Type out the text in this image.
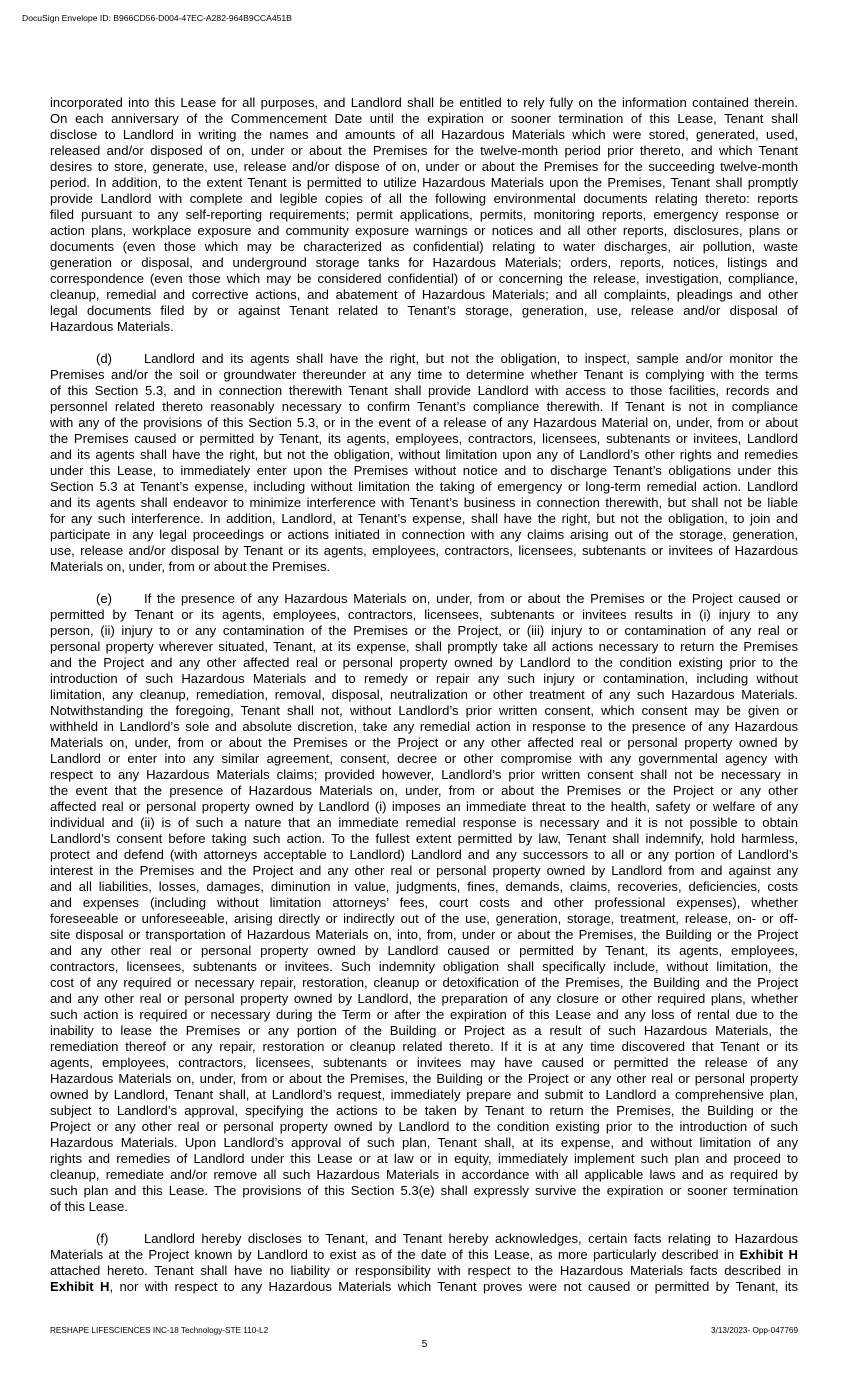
DocuSign Envelope ID: B966CD56-D004-47EC-A282-964B9CCA451B
incorporated into this Lease for all purposes, and Landlord shall be entitled to rely fully on the information contained therein.
On each anniversary of the Commencement Date until the expiration or sooner termination of this Lease, Tenant shall
disclose to Landlord in writing the names and amounts of all Hazardous Materials which were stored, generated, used,
released and/or disposed of on, under or about the Premises for the twelve-month period prior thereto, and which Tenant
desires to store, generate, use, release and/or dispose of on, under or about the Premises for the succeeding twelve-month
period. In addition, to the extent Tenant is permitted to utilize Hazardous Materials upon the Premises, Tenant shall promptly
provide Landlord with complete and legible copies of all the following environmental documents relating thereto: reports
filed pursuant to any self-reporting requirements; permit applications, permits, monitoring reports, emergency response or
action plans, workplace exposure and community exposure warnings or notices and all other reports, disclosures, plans or
documents (even those which may be characterized as confidential) relating to water discharges, air pollution, waste
generation or disposal, and underground storage tanks for Hazardous Materials; orders, reports, notices, listings and
correspondence (even those which may be considered confidential) of or concerning the release, investigation, compliance,
cleanup, remedial and corrective actions, and abatement of Hazardous Materials; and all complaints, pleadings and other
legal documents filed by or against Tenant related to Tenant’s storage, generation, use, release and/or disposal of
Hazardous Materials.
(d) Landlord and its agents shall have the right, but not the obligation, to inspect, sample and/or monitor the
Premises and/or the soil or groundwater thereunder at any time to determine whether Tenant is complying with the terms
of this Section 5.3, and in connection therewith Tenant shall provide Landlord with access to those facilities, records and
personnel related thereto reasonably necessary to confirm Tenant’s compliance therewith. If Tenant is not in compliance
with any of the provisions of this Section 5.3, or in the event of a release of any Hazardous Material on, under, from or about
the Premises caused or permitted by Tenant, its agents, employees, contractors, licensees, subtenants or invitees, Landlord
and its agents shall have the right, but not the obligation, without limitation upon any of Landlord’s other rights and remedies
under this Lease, to immediately enter upon the Premises without notice and to discharge Tenant’s obligations under this
Section 5.3 at Tenant’s expense, including without limitation the taking of emergency or long-term remedial action. Landlord
and its agents shall endeavor to minimize interference with Tenant’s business in connection therewith, but shall not be liable
for any such interference. In addition, Landlord, at Tenant’s expense, shall have the right, but not the obligation, to join and
participate in any legal proceedings or actions initiated in connection with any claims arising out of the storage, generation,
use, release and/or disposal by Tenant or its agents, employees, contractors, licensees, subtenants or invitees of Hazardous
Materials on, under, from or about the Premises.
(e) If the presence of any Hazardous Materials on, under, from or about the Premises or the Project caused or
permitted by Tenant or its agents, employees, contractors, licensees, subtenants or invitees results in (i) injury to any
person, (ii) injury to or any contamination of the Premises or the Project, or (iii) injury to or contamination of any real or
personal property wherever situated, Tenant, at its expense, shall promptly take all actions necessary to return the Premises
and the Project and any other affected real or personal property owned by Landlord to the condition existing prior to the
introduction of such Hazardous Materials and to remedy or repair any such injury or contamination, including without
limitation, any cleanup, remediation, removal, disposal, neutralization or other treatment of any such Hazardous Materials.
Notwithstanding the foregoing, Tenant shall not, without Landlord’s prior written consent, which consent may be given or
withheld in Landlord’s sole and absolute discretion, take any remedial action in response to the presence of any Hazardous
Materials on, under, from or about the Premises or the Project or any other affected real or personal property owned by
Landlord or enter into any similar agreement, consent, decree or other compromise with any governmental agency with
respect to any Hazardous Materials claims; provided however, Landlord’s prior written consent shall not be necessary in
the event that the presence of Hazardous Materials on, under, from or about the Premises or the Project or any other
affected real or personal property owned by Landlord (i) imposes an immediate threat to the health, safety or welfare of any
individual and (ii) is of such a nature that an immediate remedial response is necessary and it is not possible to obtain
Landlord’s consent before taking such action. To the fullest extent permitted by law, Tenant shall indemnify, hold harmless,
protect and defend (with attorneys acceptable to Landlord) Landlord and any successors to all or any portion of Landlord’s
interest in the Premises and the Project and any other real or personal property owned by Landlord from and against any
and all liabilities, losses, damages, diminution in value, judgments, fines, demands, claims, recoveries, deficiencies, costs
and expenses (including without limitation attorneys’ fees, court costs and other professional expenses), whether
foreseeable or unforeseeable, arising directly or indirectly out of the use, generation, storage, treatment, release, on- or off-
site disposal or transportation of Hazardous Materials on, into, from, under or about the Premises, the Building or the Project
and any other real or personal property owned by Landlord caused or permitted by Tenant, its agents, employees,
contractors, licensees, subtenants or invitees. Such indemnity obligation shall specifically include, without limitation, the
cost of any required or necessary repair, restoration, cleanup or detoxification of the Premises, the Building and the Project
and any other real or personal property owned by Landlord, the preparation of any closure or other required plans, whether
such action is required or necessary during the Term or after the expiration of this Lease and any loss of rental due to the
inability to lease the Premises or any portion of the Building or Project as a result of such Hazardous Materials, the
remediation thereof or any repair, restoration or cleanup related thereto. If it is at any time discovered that Tenant or its
agents, employees, contractors, licensees, subtenants or invitees may have caused or permitted the release of any
Hazardous Materials on, under, from or about the Premises, the Building or the Project or any other real or personal property
owned by Landlord, Tenant shall, at Landlord’s request, immediately prepare and submit to Landlord a comprehensive plan,
subject to Landlord’s approval, specifying the actions to be taken by Tenant to return the Premises, the Building or the
Project or any other real or personal property owned by Landlord to the condition existing prior to the introduction of such
Hazardous Materials. Upon Landlord’s approval of such plan, Tenant shall, at its expense, and without limitation of any
rights and remedies of Landlord under this Lease or at law or in equity, immediately implement such plan and proceed to
cleanup, remediate and/or remove all such Hazardous Materials in accordance with all applicable laws and as required by
such plan and this Lease. The provisions of this Section 5.3(e) shall expressly survive the expiration or sooner termination
of this Lease.
(f)	Landlord hereby discloses to Tenant, and Tenant hereby acknowledges, certain facts relating to Hazardous
Materials at the Project known by Landlord to exist as of the date of this Lease, as more particularly described in Exhibit H
attached hereto. Tenant shall have no liability or responsibility with respect to the Hazardous Materials facts described in
Exhibit H, nor with respect to any Hazardous Materials which Tenant proves were not caused or permitted by Tenant, its
RESHAPE LIFESCIENCES INC-18 Technology-STE 110-L2	3/13/2023- Opp-047769
5
